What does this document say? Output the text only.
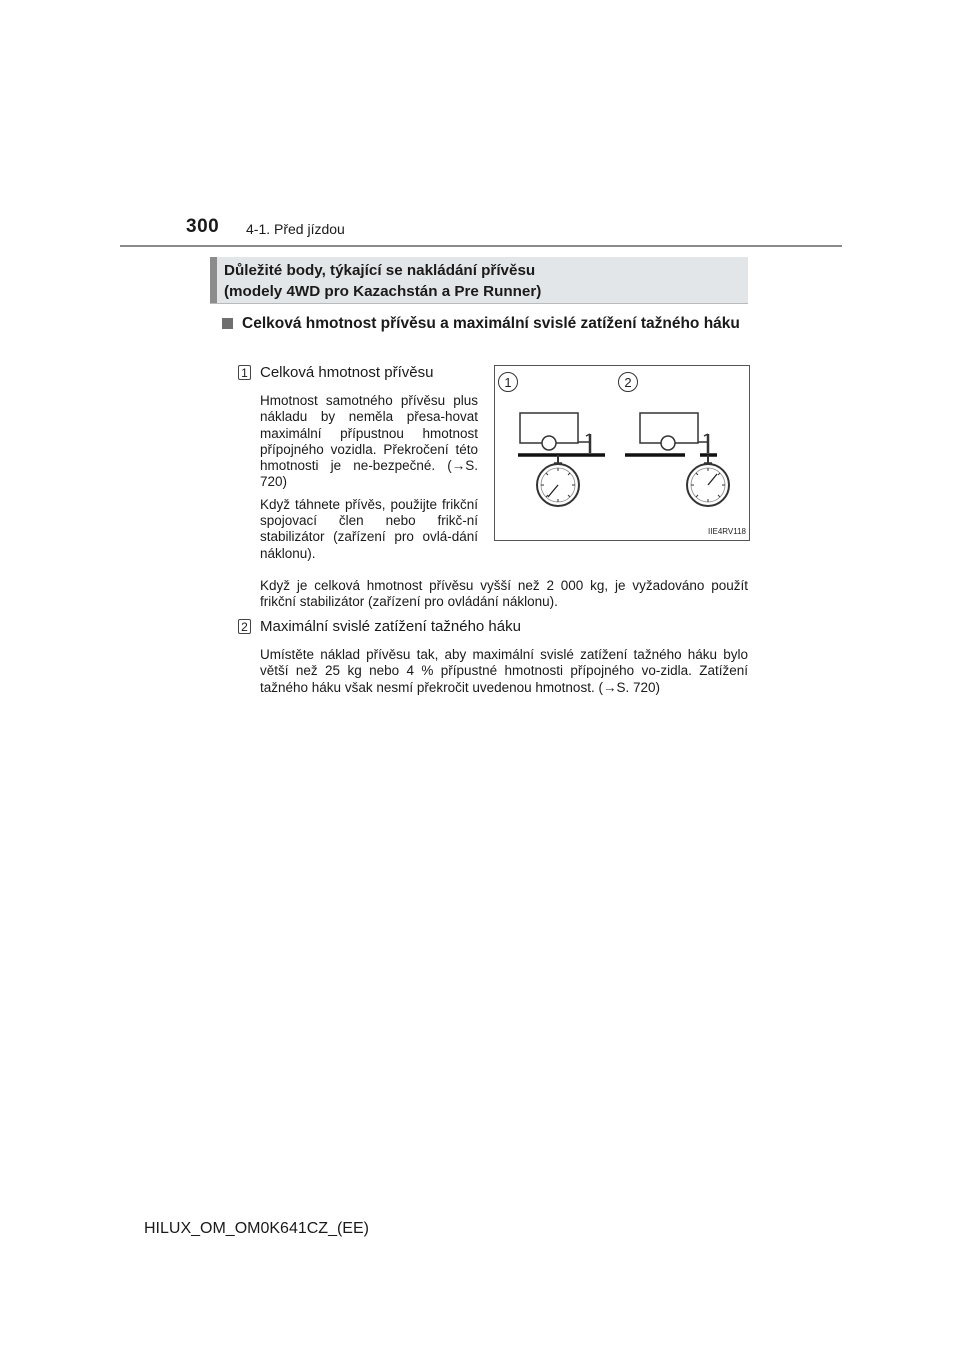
300 4-1. Před jízdou
Důležité body, týkající se nakládání přívěsu
(modely 4WD pro Kazachstán a Pre Runner)
Celková hmotnost přívěsu a maximální svislé zatížení tažného háku
1 Celková hmotnost přívěsu

Hmotnost samotného přívěsu plus nákladu by neměla přesa-hovat maximální přípustnou hmotnost přípojného vozidla. Překročení této hmotnosti je ne-bezpečné. (→S. 720)

Když táhnete přívěs, použijte frikční spojovací člen nebo frikč-ní stabilizátor (zařízení pro ovlá-dání náklonu).

Když je celková hmotnost přívěsu vyšší než 2 000 kg, je vyžadováno použít frikční stabilizátor (zařízení pro ovládání náklonu).
1	2
IIE4RV118
2 Maximální svislé zatížení tažného háku
Umístěte náklad přívěsu tak, aby maximální svislé zatížení tažného háku bylo větší než 25 kg nebo 4 % přípustné hmotnosti přípojného vo-zidla. Zatížení tažného háku však nesmí překročit uvedenou hmotnost. (→S. 720)
HILUX_OM_OM0K641CZ_(EE)
